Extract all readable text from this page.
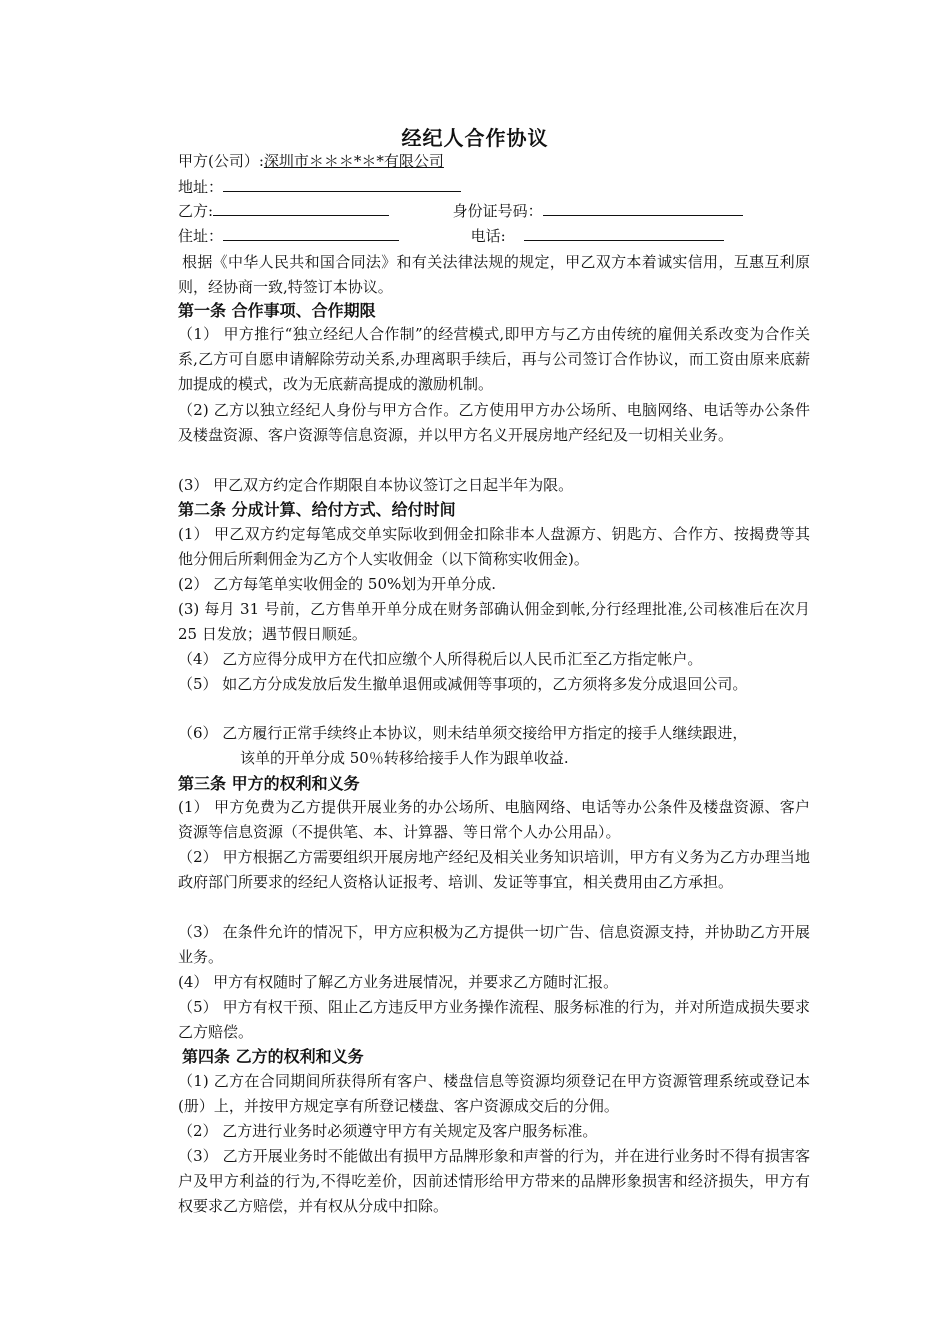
经纪人合作协议
甲方(公司）:深圳市＊＊＊*＊*有限公司
地址：
乙方:	身份证号码：
住址：	电话:
根据《中华人民共和国合同法》和有关法律法规的规定，甲乙双方本着诚实信用，互惠互利原则，经协商一致,特签订本协议。
第一条 合作事项、合作期限
（1） 甲方推行“独立经纪人合作制”的经营模式,即甲方与乙方由传统的雇佣关系改变为合作关系,乙方可自愿申请解除劳动关系,办理离职手续后，再与公司签订合作协议，而工资由原来底薪加提成的模式，改为无底薪高提成的激励机制。
（2) 乙方以独立经纪人身份与甲方合作。乙方使用甲方办公场所、电脑网络、电话等办公条件及楼盘资源、客户资源等信息资源，并以甲方名义开展房地产经纪及一切相关业务。
(3） 甲乙双方约定合作期限自本协议签订之日起半年为限。
第二条 分成计算、给付方式、给付时间
(1） 甲乙双方约定每笔成交单实际收到佣金扣除非本人盘源方、钥匙方、合作方、按揭费等其他分佣后所剩佣金为乙方个人实收佣金（以下简称实收佣金)。
(2） 乙方每笔单实收佣金的 50%划为开单分成.
(3) 每月 31 号前，乙方售单开单分成在财务部确认佣金到帐,分行经理批准,公司核准后在次月 25 日发放；遇节假日顺延。
（4） 乙方应得分成甲方在代扣应缴个人所得税后以人民币汇至乙方指定帐户。
（5） 如乙方分成发放后发生撤单退佣或减佣等事项的，乙方须将多发分成退回公司。
（6） 乙方履行正常手续终止本协议，则未结单须交接给甲方指定的接手人继续跟进，
该单的开单分成 50％转移给接手人作为跟单收益.
第三条 甲方的权利和义务
(1） 甲方免费为乙方提供开展业务的办公场所、电脑网络、电话等办公条件及楼盘资源、客户资源等信息资源（不提供笔、本、计算器、等日常个人办公用品）。
（2） 甲方根据乙方需要组织开展房地产经纪及相关业务知识培训，甲方有义务为乙方办理当地政府部门所要求的经纪人资格认证报考、培训、发证等事宜，相关费用由乙方承担。
（3） 在条件允许的情况下，甲方应积极为乙方提供一切广告、信息资源支持，并协助乙方开展业务。
(4） 甲方有权随时了解乙方业务进展情况，并要求乙方随时汇报。
（5） 甲方有权干预、阻止乙方违反甲方业务操作流程、服务标准的行为，并对所造成损失要求乙方赔偿。
第四条 乙方的权利和义务
（1) 乙方在合同期间所获得所有客户、楼盘信息等资源均须登记在甲方资源管理系统或登记本(册）上，并按甲方规定享有所登记楼盘、客户资源成交后的分佣。
（2） 乙方进行业务时必须遵守甲方有关规定及客户服务标准。
（3） 乙方开展业务时不能做出有损甲方品牌形象和声誉的行为，并在进行业务时不得有损害客户及甲方利益的行为,不得吃差价，因前述情形给甲方带来的品牌形象损害和经济损失，甲方有权要求乙方赔偿，并有权从分成中扣除。
